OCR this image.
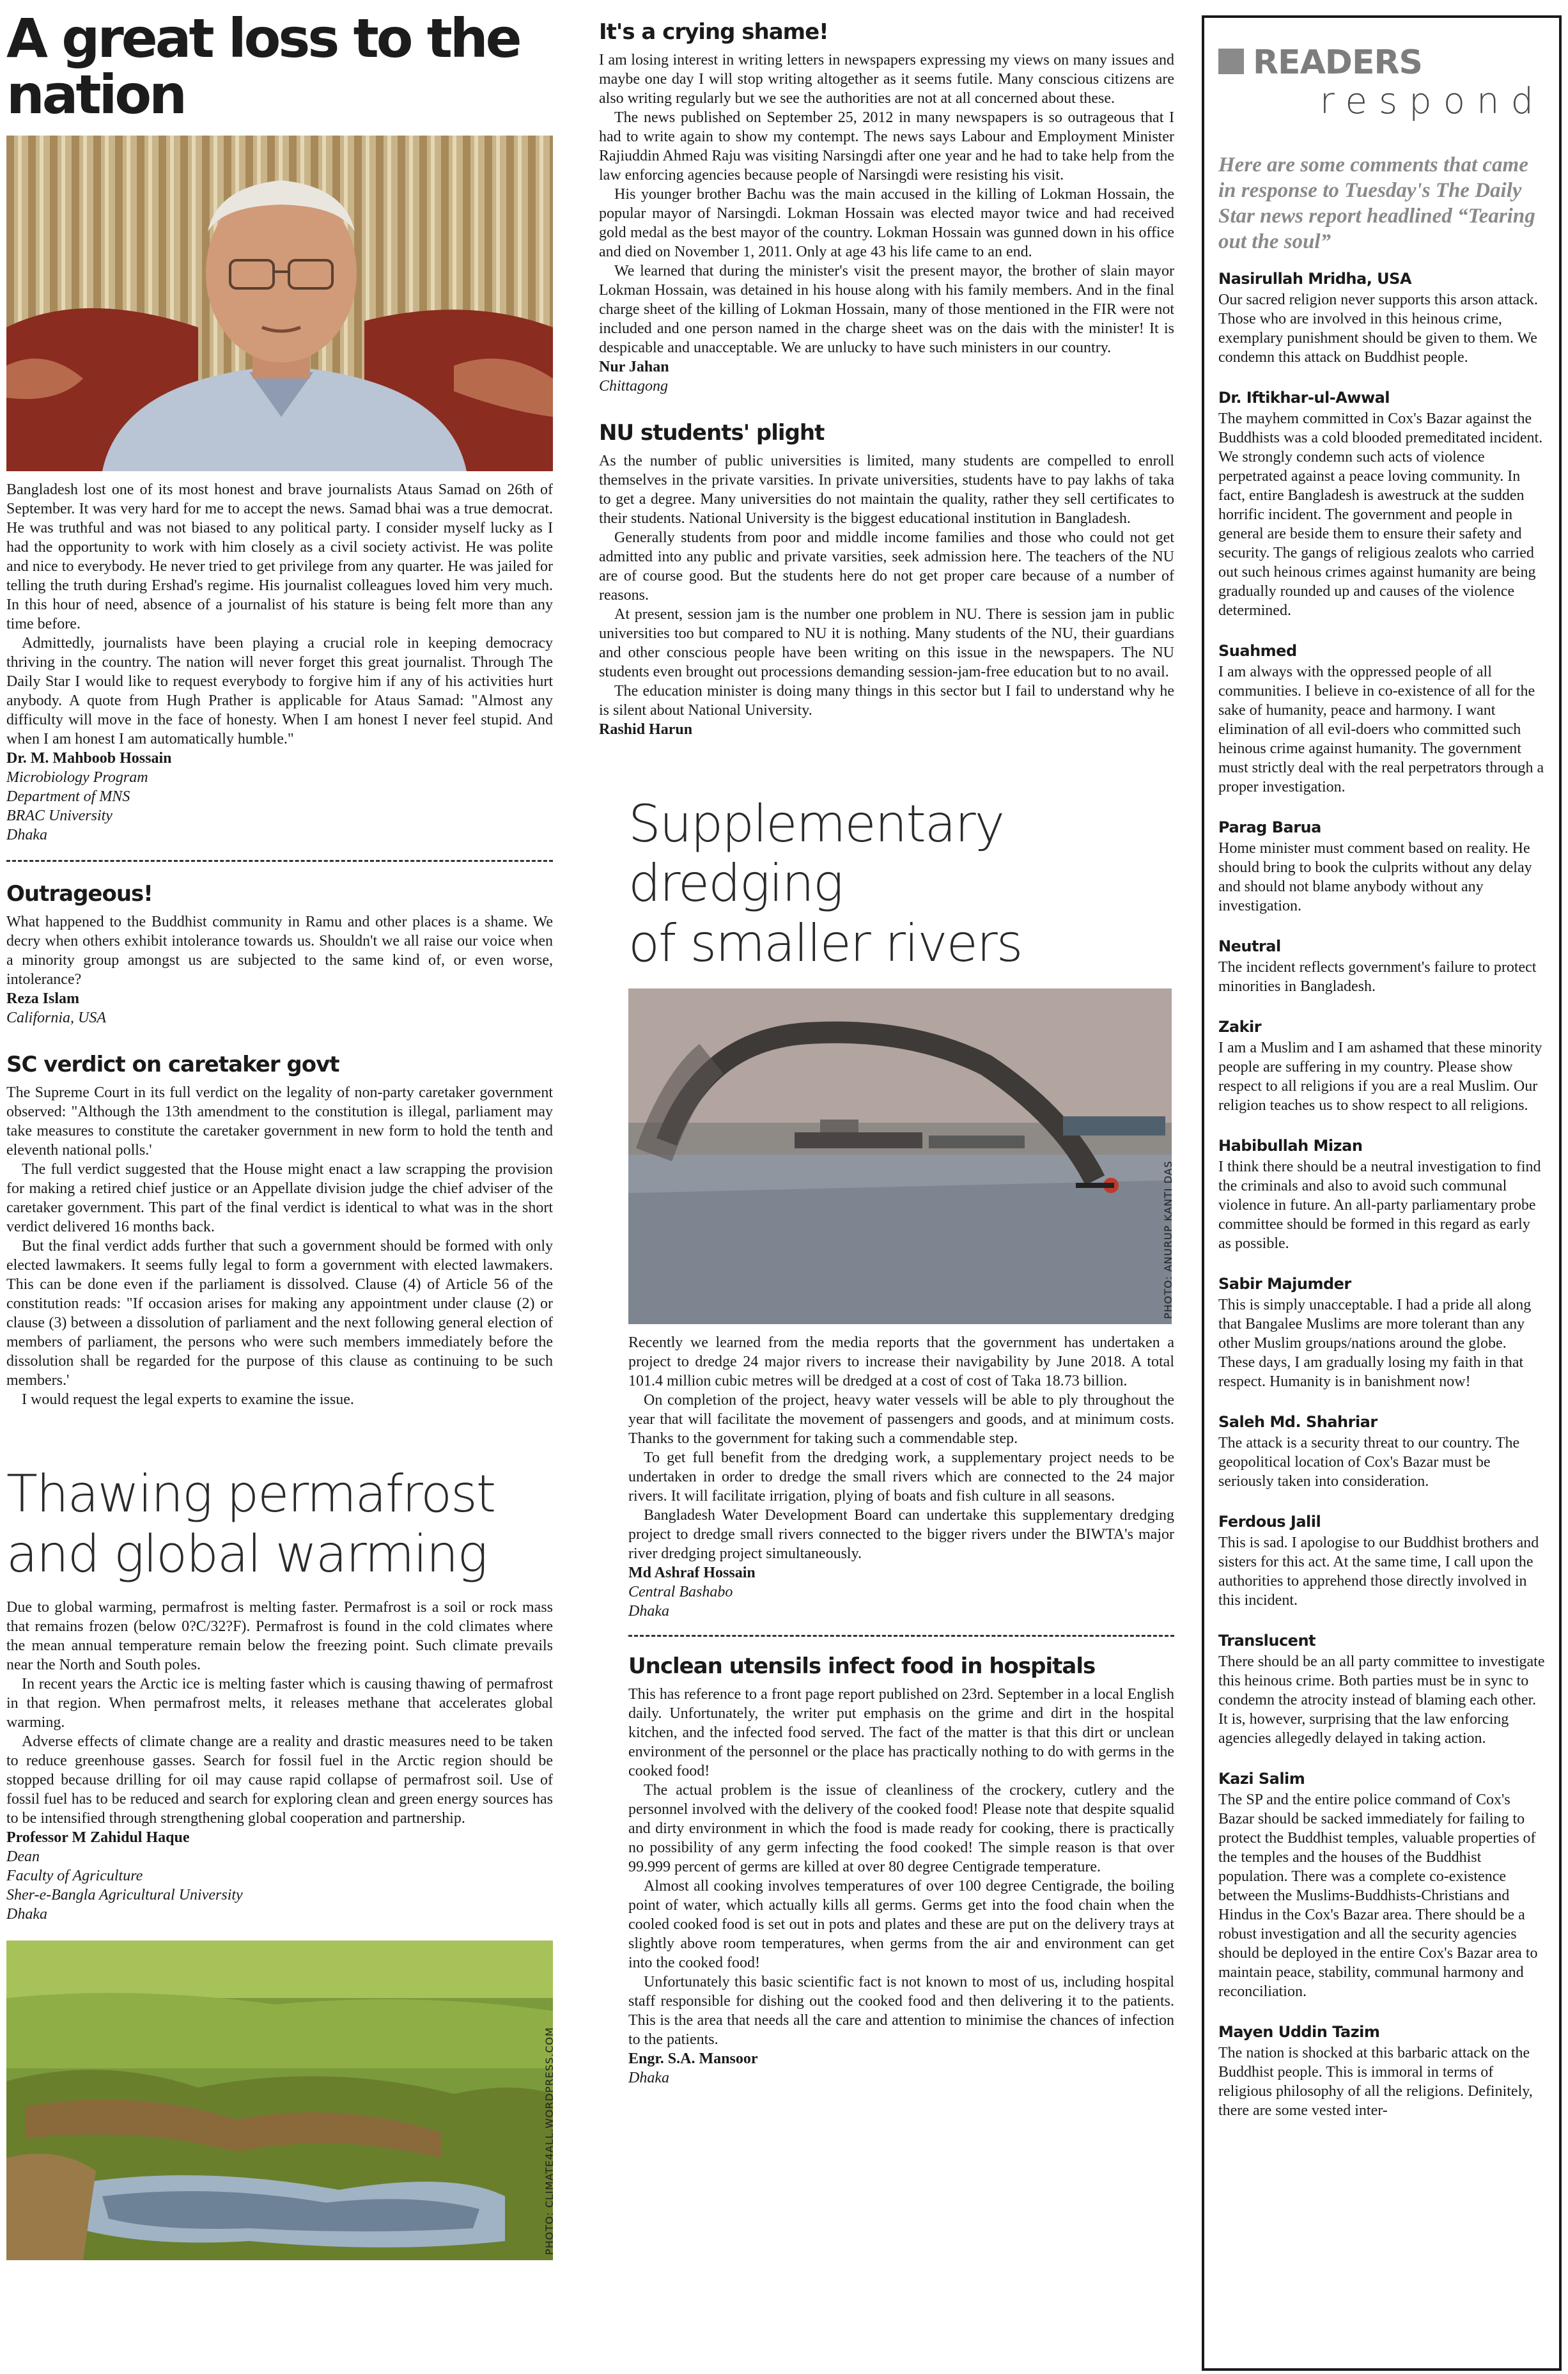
A great loss to the nation

Bangladesh lost one of its most honest and brave journalists Ataus Samad on 26th of September. It was very hard for me to accept the news. Samad bhai was a true democrat. He was truthful and was not biased to any political party. I consider myself lucky as I had the opportunity to work with him closely as a civil society activist. He was polite and nice to everybody. He never tried to get privilege from any quarter. He was jailed for telling the truth during Ershad's regime. His journalist colleagues loved him very much. In this hour of need, absence of a journalist of his stature is being felt more than any time before.

Admittedly, journalists have been playing a crucial role in keeping democracy thriving in the country. The nation will never forget this great journalist. Through The Daily Star I would like to request everybody to forgive him if any of his activities hurt anybody. A quote from Hugh Prather is applicable for Ataus Samad: "Almost any difficulty will move in the face of honesty. When I am honest I never feel stupid. And when I am honest I am automatically humble."

Dr. M. Mahboob Hossain
Microbiology Program
Department of MNS
BRAC University
Dhaka
Outrageous!

What happened to the Buddhist community in Ramu and other places is a shame. We decry when others exhibit intolerance towards us. Shouldn't we all raise our voice when a minority group amongst us are subjected to the same kind of, or even worse, intolerance?

Reza Islam
California, USA
SC verdict on caretaker govt

The Supreme Court in its full verdict on the legality of non-party caretaker government observed: "Although the 13th amendment to the constitution is illegal, parliament may take measures to constitute the caretaker government in new form to hold the tenth and eleventh national polls.'

The full verdict suggested that the House might enact a law scrapping the provision for making a retired chief justice or an Appellate division judge the chief adviser of the caretaker government. This part of the final verdict is identical to what was in the short verdict delivered 16 months back.

But the final verdict adds further that such a government should be formed with only elected lawmakers. It seems fully legal to form a government with elected lawmakers. This can be done even if the parliament is dissolved. Clause (4) of Article 56 of the constitution reads: "If occasion arises for making any appointment under clause (2) or clause (3) between a dissolution of parliament and the next following general election of members of parliament, the persons who were such members immediately before the dissolution shall be regarded for the purpose of this clause as continuing to be such members.'

I would request the legal experts to examine the issue.

Thawing permafrost
and global warming

Due to global warming, permafrost is melting faster. Permafrost is a soil or rock mass that remains frozen (below 0?C/32?F). Permafrost is found in the cold climates where the mean annual temperature remain below the freezing point. Such climate prevails near the North and South poles.

In recent years the Arctic ice is melting faster which is causing thawing of permafrost in that region. When permafrost melts, it releases methane that accelerates global warming.

Adverse effects of climate change are a reality and drastic measures need to be taken to reduce greenhouse gasses. Search for fossil fuel in the Arctic region should be stopped because drilling for oil may cause rapid collapse of permafrost soil. Use of fossil fuel has to be reduced and search for exploring clean and green energy sources has to be intensified through strengthening global cooperation and partnership.

Professor M Zahidul Haque
Dean
Faculty of Agriculture
Sher-e-Bangla Agricultural University
Dhaka
PHOTO: CLIMATE4ALL.WORDPRESS.COM
It's a crying shame!

I am losing interest in writing letters in newspapers expressing my views on many issues and maybe one day I will stop writing altogether as it seems futile. Many conscious citizens are also writing regularly but we see the authorities are not at all concerned about these.

The news published on September 25, 2012 in many newspapers is so outrageous that I had to write again to show my contempt. The news says Labour and Employment Minister Rajiuddin Ahmed Raju was visiting Narsingdi after one year and he had to take help from the law enforcing agencies because people of Narsingdi were resisting his visit.

His younger brother Bachu was the main accused in the killing of Lokman Hossain, the popular mayor of Narsingdi. Lokman Hossain was elected mayor twice and had received gold medal as the best mayor of the country. Lokman Hossain was gunned down in his office and died on November 1, 2011. Only at age 43 his life came to an end.

We learned that during the minister's visit the present mayor, the brother of slain mayor Lokman Hossain, was detained in his house along with his family members. And in the final charge sheet of the killing of Lokman Hossain, many of those mentioned in the FIR were not included and one person named in the charge sheet was on the dais with the minister! It is despicable and unacceptable. We are unlucky to have such ministers in our country.

Nur Jahan
Chittagong
NU students' plight

As the number of public universities is limited, many students are compelled to enroll themselves in the private varsities. In private universities, students have to pay lakhs of taka to get a degree. Many universities do not maintain the quality, rather they sell certificates to their students. National University is the biggest educational institution in Bangladesh.

Generally students from poor and middle income families and those who could not get admitted into any public and private varsities, seek admission here. The teachers of the NU are of course good. But the students here do not get proper care because of a number of reasons.

At present, session jam is the number one problem in NU. There is session jam in public universities too but compared to NU it is nothing. Many students of the NU, their guardians and other conscious people have been writing on this issue in the newspapers. The NU students even brought out processions demanding session-jam-free education but to no avail.

The education minister is doing many things in this sector but I fail to understand why he is silent about National University.

Rashid Harun
Supplementary dredging
of smaller rivers
PHOTO: ANURUP KANTI DAS

Recently we learned from the media reports that the government has undertaken a project to dredge 24 major rivers to increase their navigability by June 2018. A total 101.4 million cubic metres will be dredged at a cost of cost of Taka 18.73 billion.

On completion of the project, heavy water vessels will be able to ply throughout the year that will facilitate the movement of passengers and goods, and at minimum costs. Thanks to the government for taking such a commendable step.

To get full benefit from the dredging work, a supplementary project needs to be undertaken in order to dredge the small rivers which are connected to the 24 major rivers. It will facilitate irrigation, plying of boats and fish culture in all seasons.

Bangladesh Water Development Board can undertake this supplementary dredging project to dredge small rivers connected to the bigger rivers under the BIWTA's major river dredging project simultaneously.

Md Ashraf Hossain
Central Bashabo
Dhaka
Unclean utensils infect food in hospitals

This has reference to a front page report published on 23rd. September in a local English daily. Unfortunately, the writer put emphasis on the grime and dirt in the hospital kitchen, and the infected food served. The fact of the matter is that this dirt or unclean environment of the personnel or the place has practically nothing to do with germs in the cooked food!

The actual problem is the issue of cleanliness of the crockery, cutlery and the personnel involved with the delivery of the cooked food! Please note that despite squalid and dirty environment in which the food is made ready for cooking, there is practically no possibility of any germ infecting the food cooked! The simple reason is that over 99.999 percent of germs are killed at over 80 degree Centigrade temperature.

Almost all cooking involves temperatures of over 100 degree Centigrade, the boiling point of water, which actually kills all germs. Germs get into the food chain when the cooled cooked food is set out in pots and plates and these are put on the delivery trays at slightly above room temperatures, when germs from the air and environment can get into the cooked food!

Unfortunately this basic scientific fact is not known to most of us, including hospital staff responsible for dishing out the cooked food and then delivering it to the patients. This is the area that needs all the care and attention to minimise the chances of infection to the patients.

Engr. S.A. Mansoor
Dhaka
READERS
respond
Here are some comments that came in response to Tuesday's The Daily Star news report headlined “Tearing out the soul”
Nasirullah Mridha, USA
Our sacred religion never supports this arson attack. Those who are involved in this heinous crime, exemplary punishment should be given to them. We condemn this attack on Buddhist people.
Dr. Iftikhar-ul-Awwal
The mayhem committed in Cox's Bazar against the Buddhists was a cold blooded premeditated incident. We strongly condemn such acts of violence perpetrated against a peace loving community. In fact, entire Bangladesh is awestruck at the sudden horrific incident. The government and people in general are beside them to ensure their safety and security. The gangs of religious zealots who carried out such heinous crimes against humanity are being gradually rounded up and causes of the violence determined.
Suahmed
I am always with the oppressed people of all communities. I believe in co-existence of all for the sake of humanity, peace and harmony. I want elimination of all evil-doers who committed such heinous crime against humanity. The government must strictly deal with the real perpetrators through a proper investigation.
Parag Barua
Home minister must comment based on reality. He should bring to book the culprits without any delay and should not blame anybody without any investigation.
Neutral
The incident reflects government's failure to protect minorities in Bangladesh.
Zakir
I am a Muslim and I am ashamed that these minority people are suffering in my country. Please show respect to all religions if you are a real Muslim. Our religion teaches us to show respect to all religions.
Habibullah Mizan
I think there should be a neutral investigation to find the criminals and also to avoid such communal violence in future. An all-party parliamentary probe committee should be formed in this regard as early as possible.
Sabir Majumder
This is simply unacceptable. I had a pride all along that Bangalee Muslims are more tolerant than any other Muslim groups/nations around the globe. These days, I am gradually losing my faith in that respect. Humanity is in banishment now!
Saleh Md. Shahriar
The attack is a security threat to our country. The geopolitical location of Cox's Bazar must be seriously taken into consideration.
Ferdous Jalil
This is sad. I apologise to our Buddhist brothers and sisters for this act. At the same time, I call upon the authorities to apprehend those directly involved in this incident.
Translucent
There should be an all party committee to investigate this heinous crime. Both parties must be in sync to condemn the atrocity instead of blaming each other. It is, however, surprising that the law enforcing agencies allegedly delayed in taking action.
Kazi Salim
The SP and the entire police command of Cox's Bazar should be sacked immediately for failing to protect the Buddhist temples, valuable properties of the temples and the houses of the Buddhist population. There was a complete co-existence between the Muslims-Buddhists-Christians and Hindus in the Cox's Bazar area. There should be a robust investigation and all the security agencies should be deployed in the entire Cox's Bazar area to maintain peace, stability, communal harmony and reconciliation.
Mayen Uddin Tazim
The nation is shocked at this barbaric attack on the Buddhist people. This is immoral in terms of religious philosophy of all the religions. Definitely, there are some vested inter-
